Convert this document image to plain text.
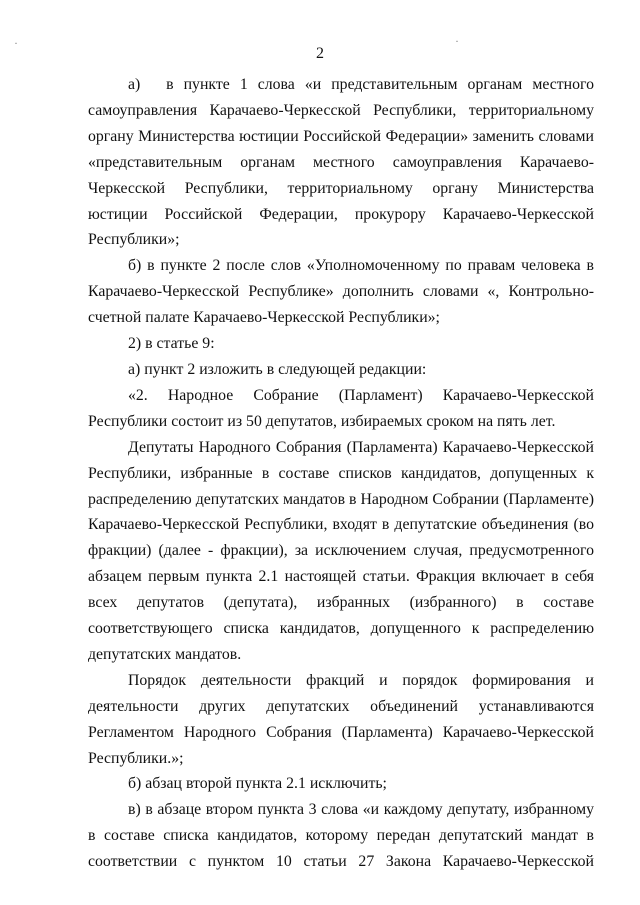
2
·	·

а)  в пункте 1 слова «и представительным органам местного самоуправления Карачаево-Черкесской Республики, территориальному органу Министерства юстиции Российской Федерации» заменить словами «представительным органам местного самоуправления Карачаево-Черкесской Республики, территориальному органу Министерства юстиции Российской Федерации, прокурору Карачаево-Черкесской Республики»;

б) в пункте 2 после слов «Уполномоченному по правам человека в Карачаево-Черкесской Республике» дополнить словами «, Контрольно-счетной палате Карачаево-Черкесской Республики»;

2) в статье 9:

а) пункт 2 изложить в следующей редакции:

«2. Народное Собрание (Парламент) Карачаево-Черкесской Республики состоит из 50 депутатов, избираемых сроком на пять лет.

Депутаты Народного Собрания (Парламента) Карачаево-Черкесской Республики, избранные в составе списков кандидатов, допущенных к распределению депутатских мандатов в Народном Собрании (Парламенте) Карачаево-Черкесской Республики, входят в депутатские объединения (во фракции) (далее - фракции), за исключением случая, предусмотренного абзацем первым пункта 2.1 настоящей статьи. Фракция включает в себя всех депутатов (депутата), избранных (избранного) в составе соответствующего списка кандидатов, допущенного к распределению депутатских мандатов.

Порядок деятельности фракций и порядок формирования и деятельности других депутатских объединений устанавливаются Регламентом Народного Собрания (Парламента) Карачаево-Черкесской Республики.»;

б) абзац второй пункта 2.1 исключить;

в) в абзаце втором пункта 3 слова «и каждому депутату, избранному в составе списка кандидатов, которому передан депутатский мандат в соответствии с пунктом 10 статьи 27 Закона Карачаево-Черкесской
